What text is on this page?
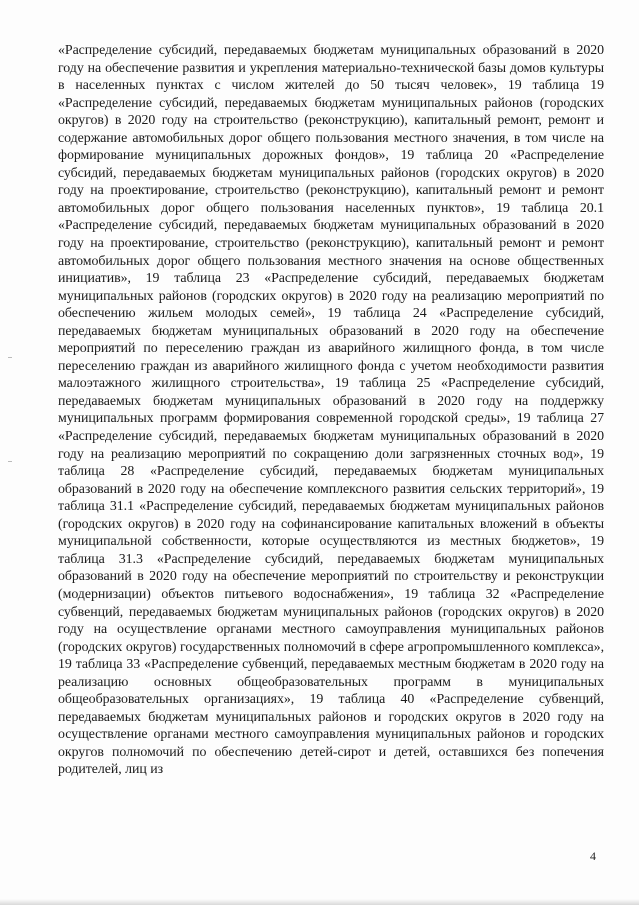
«Распределение субсидий, передаваемых бюджетам муниципальных образований в 2020 году на обеспечение развития и укрепления материально-технической базы домов культуры в населенных пунктах с числом жителей до 50 тысяч человек», 19 таблица 19 «Распределение субсидий, передаваемых бюджетам муниципальных районов (городских округов) в 2020 году на строительство (реконструкцию), капитальный ремонт, ремонт и содержание автомобильных дорог общего пользования местного значения, в том числе на формирование муниципальных дорожных фондов», 19 таблица 20 «Распределение субсидий, передаваемых бюджетам муниципальных районов (городских округов) в 2020 году на проектирование, строительство (реконструкцию), капитальный ремонт и ремонт автомобильных дорог общего пользования населенных пунктов», 19 таблица 20.1 «Распределение субсидий, передаваемых бюджетам муниципальных образований в 2020 году на проектирование, строительство (реконструкцию), капитальный ремонт и ремонт автомобильных дорог общего пользования местного значения на основе общественных инициатив», 19 таблица 23 «Распределение субсидий, передаваемых бюджетам муниципальных районов (городских округов) в 2020 году на реализацию мероприятий по обеспечению жильем молодых семей», 19 таблица 24 «Распределение субсидий, передаваемых бюджетам муниципальных образований в 2020 году на обеспечение мероприятий по переселению граждан из аварийного жилищного фонда, в том числе переселению граждан из аварийного жилищного фонда с учетом необходимости развития малоэтажного жилищного строительства», 19 таблица 25 «Распределение субсидий, передаваемых бюджетам муниципальных образований в 2020 году на поддержку муниципальных программ формирования современной городской среды», 19 таблица 27 «Распределение субсидий, передаваемых бюджетам муниципальных образований в 2020 году на реализацию мероприятий по сокращению доли загрязненных сточных вод», 19 таблица 28 «Распределение субсидий, передаваемых бюджетам муниципальных образований в 2020 году на обеспечение комплексного развития сельских территорий», 19 таблица 31.1 «Распределение субсидий, передаваемых бюджетам муниципальных районов (городских округов) в 2020 году на софинансирование капитальных вложений в объекты муниципальной собственности, которые осуществляются из местных бюджетов», 19 таблица 31.3 «Распределение субсидий, передаваемых бюджетам муниципальных образований в 2020 году на обеспечение мероприятий по строительству и реконструкции (модернизации) объектов питьевого водоснабжения», 19 таблица 32 «Распределение субвенций, передаваемых бюджетам муниципальных районов (городских округов) в 2020 году на осуществление органами местного самоуправления муниципальных районов (городских округов) государственных полномочий в сфере агропромышленного комплекса», 19 таблица 33 «Распределение субвенций, передаваемых местным бюджетам в 2020 году на реализацию основных общеобразовательных программ в муниципальных общеобразовательных организациях», 19 таблица 40 «Распределение субвенций, передаваемых бюджетам муниципальных районов и городских округов в 2020 году на осуществление органами местного самоуправления муниципальных районов и городских округов полномочий по обеспечению детей-сирот и детей, оставшихся без попечения родителей, лиц из

4
